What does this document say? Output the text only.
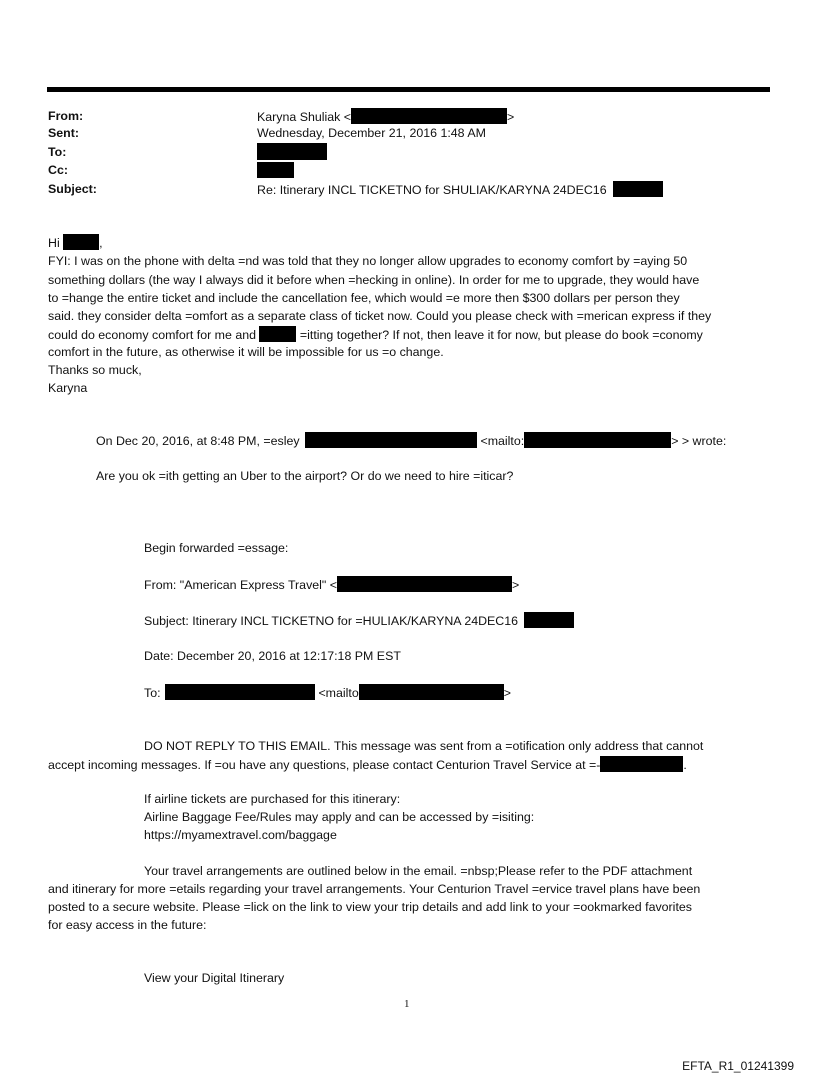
From:	Karyna Shuliak <	>
Sent:	Wednesday, December 21, 2016 1:48 AM
To:
Cc:
Subject:	Re: Itinerary INCL TICKETNO for SHULIAK/KARYNA 24DEC16
Hi	,
FYI: I was on the phone with delta =nd was told that they no longer allow upgrades to economy comfort by =aying 50
something dollars (the way I always did it before when =hecking in online). In order for me to upgrade, they would have
to =hange the entire ticket and include the cancellation fee, which would =e more then $300 dollars per person they
said. they consider delta =omfort as a separate class of ticket now. Could you please check with =merican express if they
could do economy comfort for me and	=itting together? If not, then leave it for now, but please do book =conomy
comfort in the future, as otherwise it will be impossible for us =o change.
Thanks so muck,
Karyna
On Dec 20, 2016, at 8:48 PM, =esley	<mailto:	> > wrote:
Are you ok =ith getting an Uber to the airport? Or do we need to hire =iticar?
Begin forwarded =essage:
From: "American Express Travel" <	>
Subject: Itinerary INCL TICKETNO for =HULIAK/KARYNA 24DEC16
Date: December 20, 2016 at 12:17:18 PM EST
To:	<mailto	>
DO NOT REPLY TO THIS EMAIL. This message was sent from a =otification only address that cannot
accept incoming messages. If =ou have any questions, please contact Centurion Travel Service at =-	.
If airline tickets are purchased for this itinerary:
Airline Baggage Fee/Rules may apply and can be accessed by =isiting:
https://myamextravel.com/baggage
Your travel arrangements are outlined below in the email. =nbsp;Please refer to the PDF attachment
and itinerary for more =etails regarding your travel arrangements. Your Centurion Travel =ervice travel plans have been
posted to a secure website. Please =lick on the link to view your trip details and add link to your =ookmarked favorites
for easy access in the future:
View your Digital Itinerary
1
EFTA_R1_01241399
